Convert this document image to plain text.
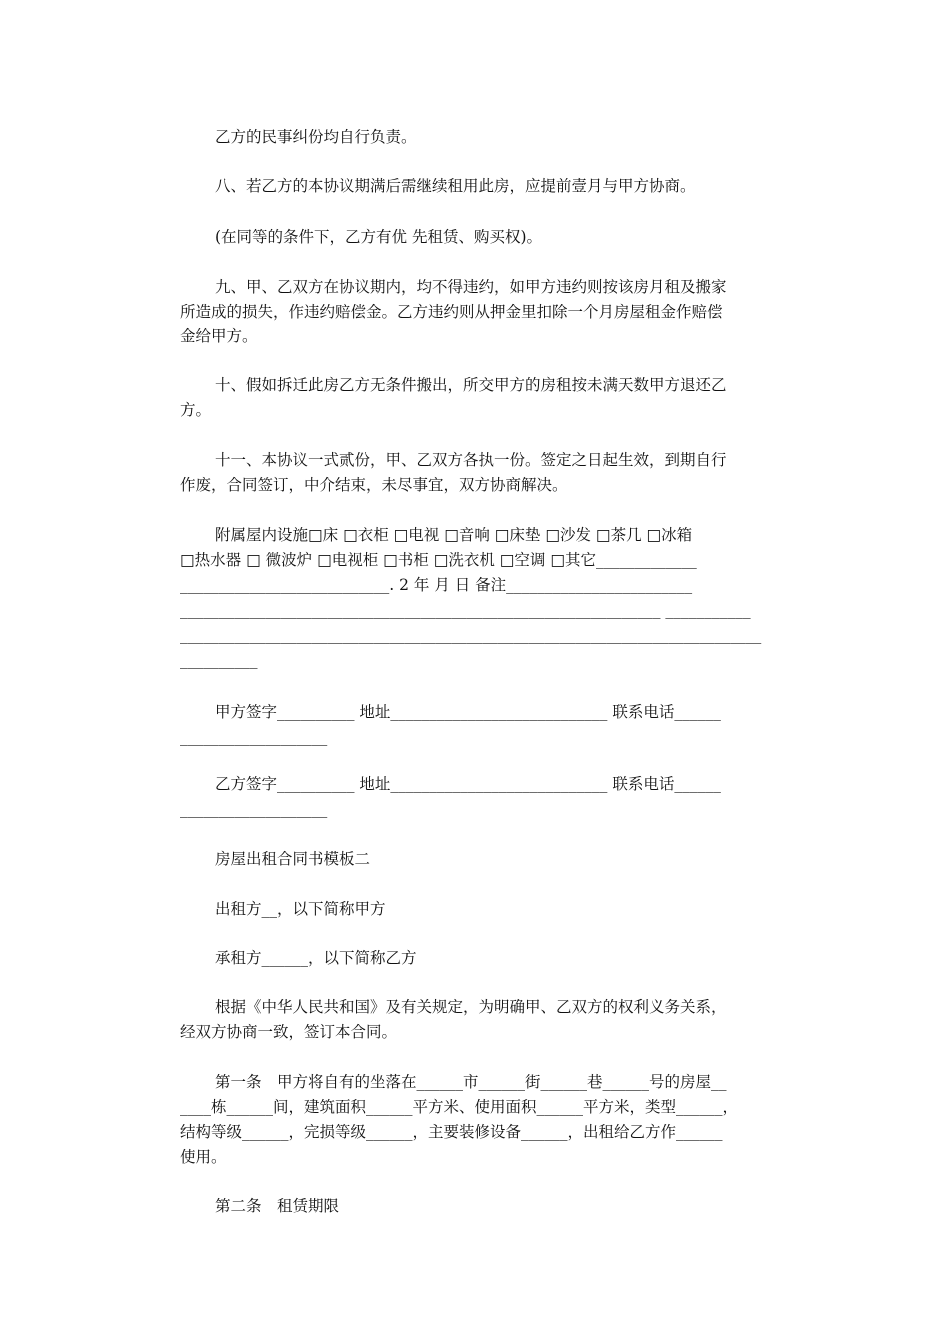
乙方的民事纠份均自行负责。
八、若乙方的本协议期满后需继续租用此房，应提前壹月与甲方协商。
(在同等的条件下，乙方有优 先租赁、购买权)。
九、甲、乙双方在协议期内，均不得违约，如甲方违约则按该房月租及搬家
所造成的损失，作违约赔偿金。乙方违约则从押金里扣除一个月房屋租金作赔偿
金给甲方。
十、假如拆迁此房乙方无条件搬出，所交甲方的房租按未满天数甲方退还乙
方。
十一、本协议一式贰份，甲、乙双方各执一份。签定之日起生效，到期自行
作废，合同签订，中介结束，未尽事宜，双方协商解决。
附属屋内设施□床 □衣柜 □电视 □音响 □床垫 □沙发 □茶几 □冰箱
□热水器 □ 微波炉 □电视柜 □书柜 □洗衣机 □空调 □其它_____________
___________________________. 2 年 月 日 备注________________________
______________________________________________________________ ___________
___________________________________________________________________________
__________
甲方签字__________ 地址____________________________ 联系电话______
___________________
乙方签字__________ 地址____________________________ 联系电话______
___________________
房屋出租合同书模板二
出租方__，以下简称甲方
承租方______，以下简称乙方
根据《中华人民共和国》及有关规定，为明确甲、乙双方的权利义务关系，
经双方协商一致，签订本合同。
第一条　甲方将自有的坐落在______市______街______巷______号的房屋__
____栋______间，建筑面积______平方米、使用面积______平方米，类型______，
结构等级______，完损等级______，主要装修设备______，出租给乙方作______
使用。
第二条　租赁期限
